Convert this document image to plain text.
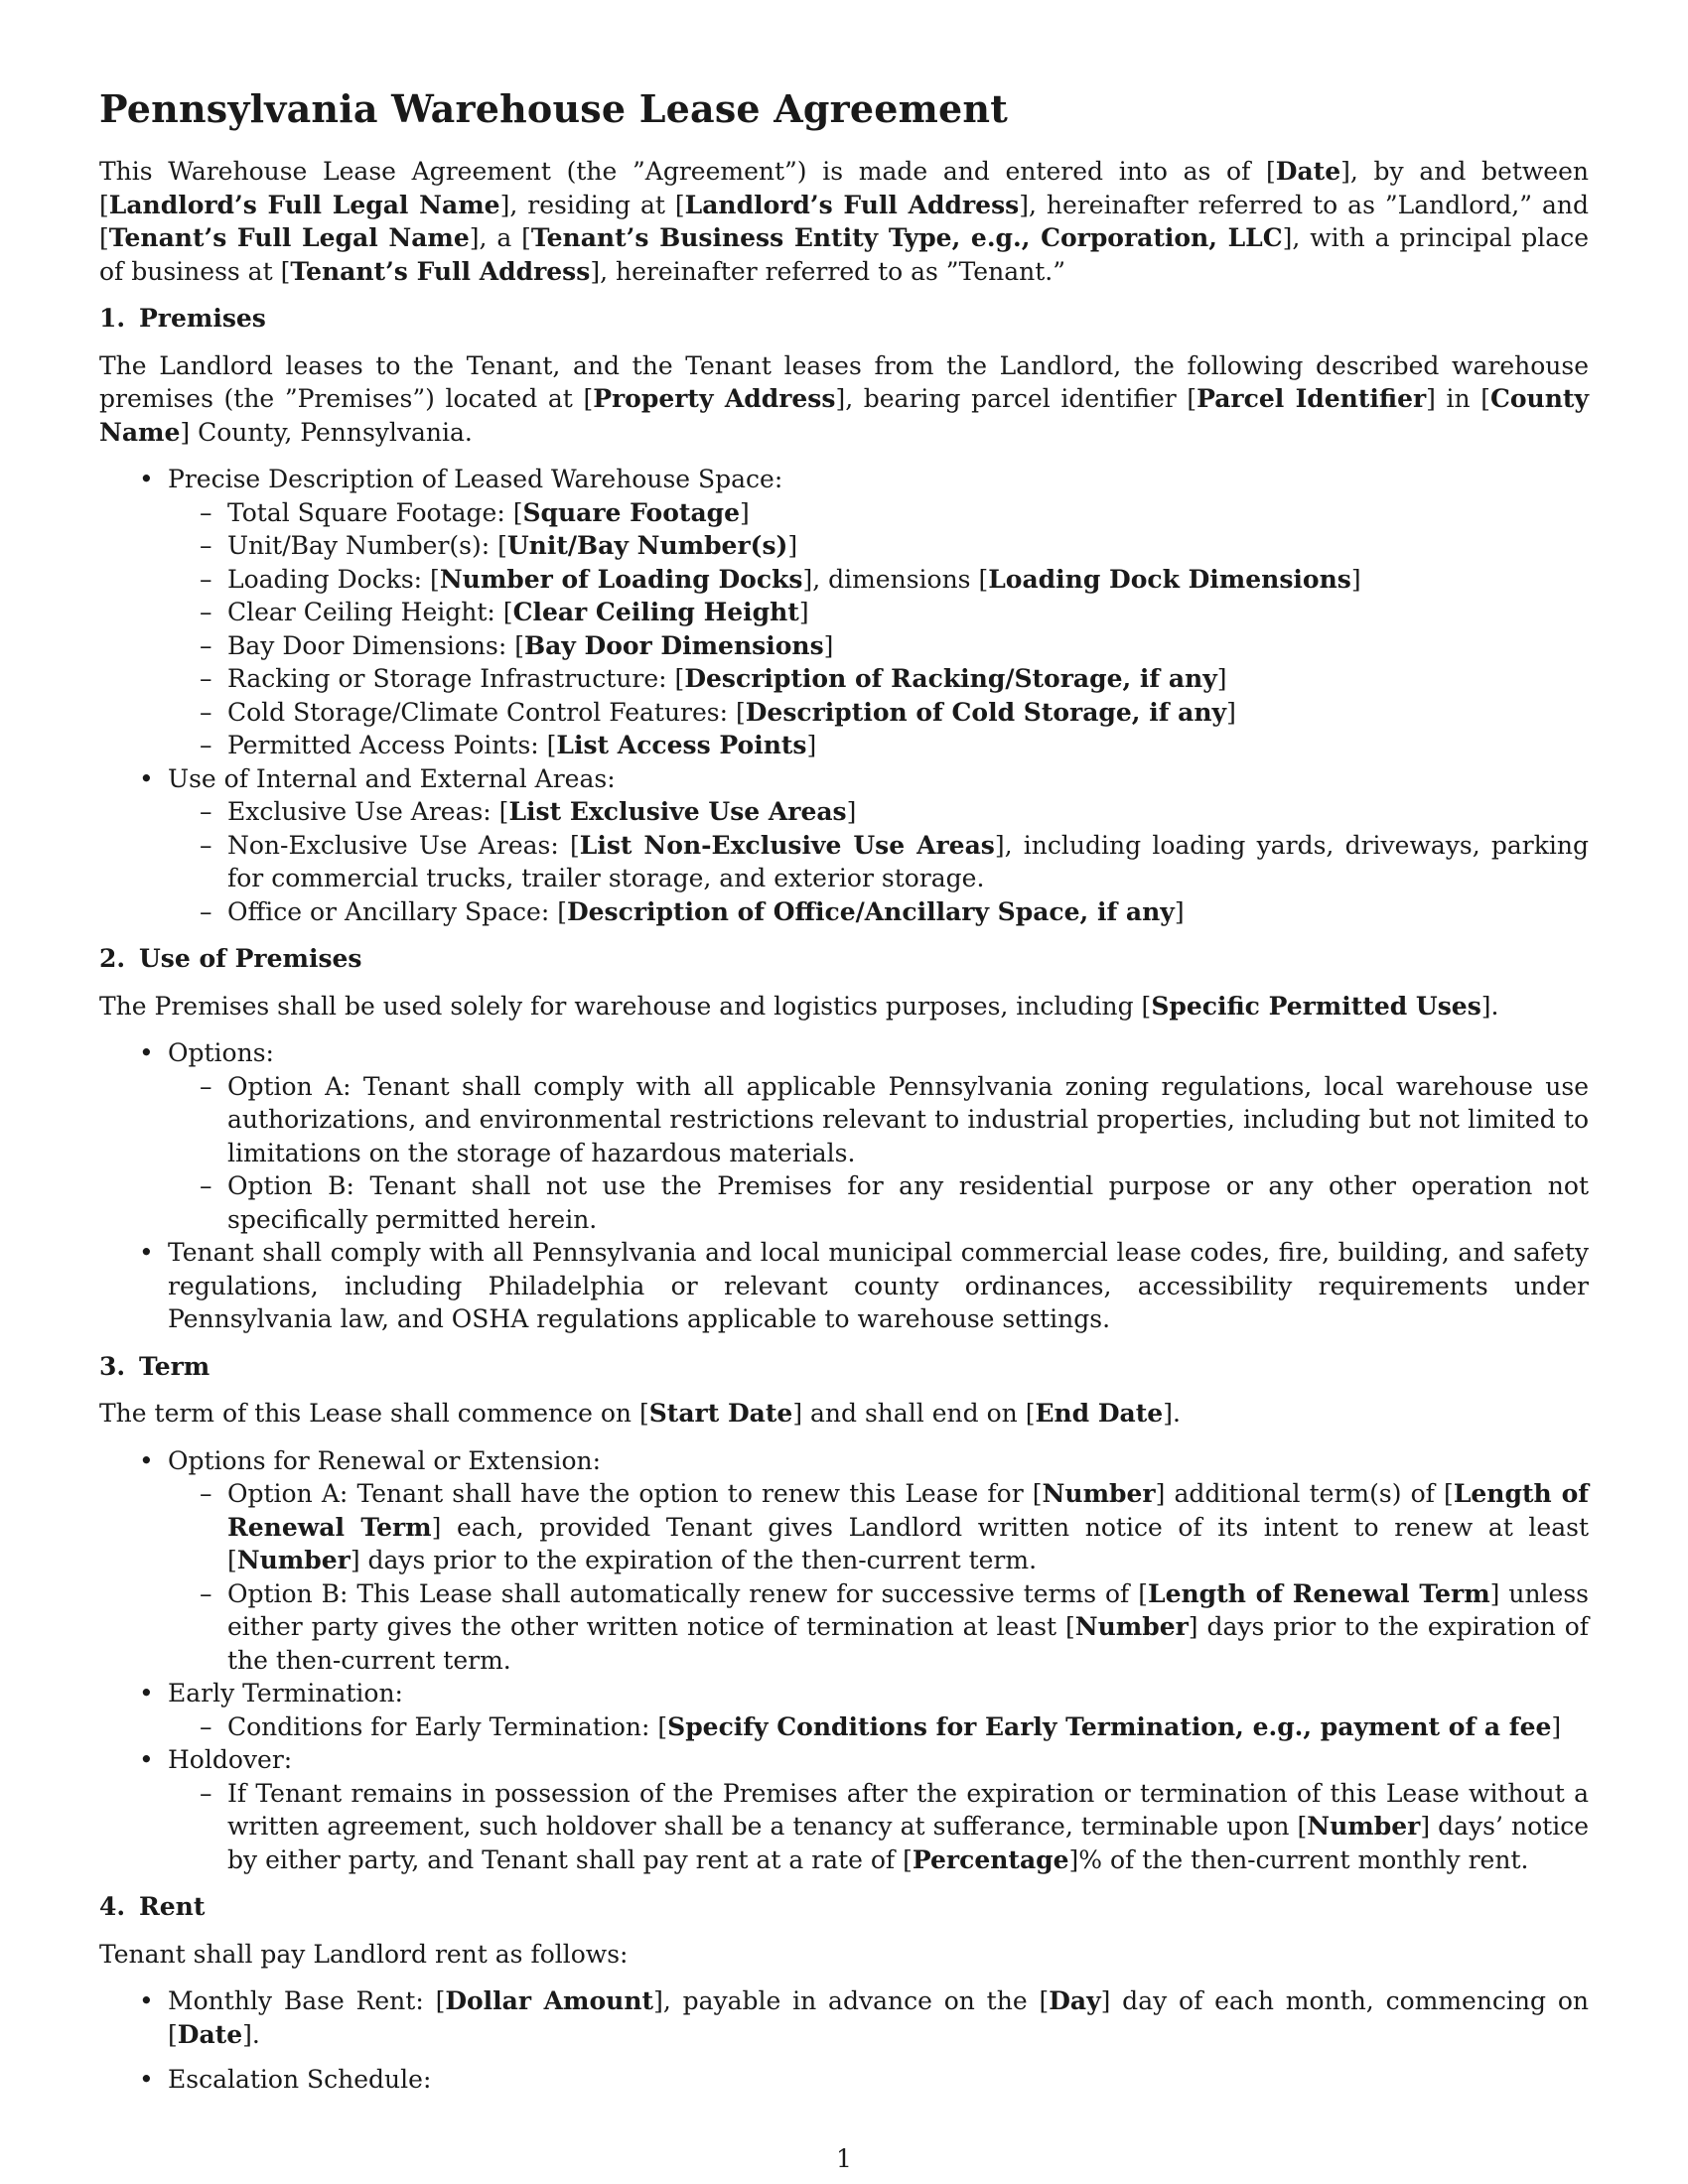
Pennsylvania Warehouse Lease Agreement

This Warehouse Lease Agreement (the ”Agreement”) is made and entered into as of [Date], by and between [Landlord’s Full Legal Name], residing at [Landlord’s Full Address], hereinafter referred to as ”Landlord,” and [Tenant’s Full Legal Name], a [Tenant’s Business Entity Type, e.g., Corporation, LLC], with a principal place of business at [Tenant’s Full Address], hereinafter referred to as ”Tenant.”

1. Premises

The Landlord leases to the Tenant, and the Tenant leases from the Landlord, the following described warehouse premises (the ”Premises”) located at [Property Address], bearing parcel identifier [Parcel Identifier] in [County Name] County, Pennsylvania.

• Precise Description of Leased Warehouse Space:
– Total Square Footage: [Square Footage]
– Unit/Bay Number(s): [Unit/Bay Number(s)]
– Loading Docks: [Number of Loading Docks], dimensions [Loading Dock Dimensions]
– Clear Ceiling Height: [Clear Ceiling Height]
– Bay Door Dimensions: [Bay Door Dimensions]
– Racking or Storage Infrastructure: [Description of Racking/Storage, if any]
– Cold Storage/Climate Control Features: [Description of Cold Storage, if any]
– Permitted Access Points: [List Access Points]
• Use of Internal and External Areas:
– Exclusive Use Areas: [List Exclusive Use Areas]
– Non-Exclusive Use Areas: [List Non-Exclusive Use Areas], including loading yards, driveways, parking for commercial trucks, trailer storage, and exterior storage.
– Office or Ancillary Space: [Description of Office/Ancillary Space, if any]
2. Use of Premises

The Premises shall be used solely for warehouse and logistics purposes, including [Specific Permitted Uses].

• Options:
– Option A: Tenant shall comply with all applicable Pennsylvania zoning regulations, local warehouse use authorizations, and environmental restrictions relevant to industrial properties, including but not limited to limitations on the storage of hazardous materials.
– Option B: Tenant shall not use the Premises for any residential purpose or any other operation not specifically permitted herein.
• Tenant shall comply with all Pennsylvania and local municipal commercial lease codes, fire, building, and safety regulations, including Philadelphia or relevant county ordinances, accessibility requirements under Pennsylvania law, and OSHA regulations applicable to warehouse settings.
3. Term

The term of this Lease shall commence on [Start Date] and shall end on [End Date].

• Options for Renewal or Extension:
– Option A: Tenant shall have the option to renew this Lease for [Number] additional term(s) of [Length of Renewal Term] each, provided Tenant gives Landlord written notice of its intent to renew at least [Number] days prior to the expiration of the then-current term.
– Option B: This Lease shall automatically renew for successive terms of [Length of Renewal Term] unless either party gives the other written notice of termination at least [Number] days prior to the expiration of the then-current term.
• Early Termination:
– Conditions for Early Termination: [Specify Conditions for Early Termination, e.g., payment of a fee]
• Holdover:
– If Tenant remains in possession of the Premises after the expiration or termination of this Lease without a written agreement, such holdover shall be a tenancy at sufferance, terminable upon [Number] days’ notice by either party, and Tenant shall pay rent at a rate of [Percentage]% of the then-current monthly rent.
4. Rent

Tenant shall pay Landlord rent as follows:

• Monthly Base Rent: [Dollar Amount], payable in advance on the [Day] day of each month, commencing on [Date].
• Escalation Schedule:
1
